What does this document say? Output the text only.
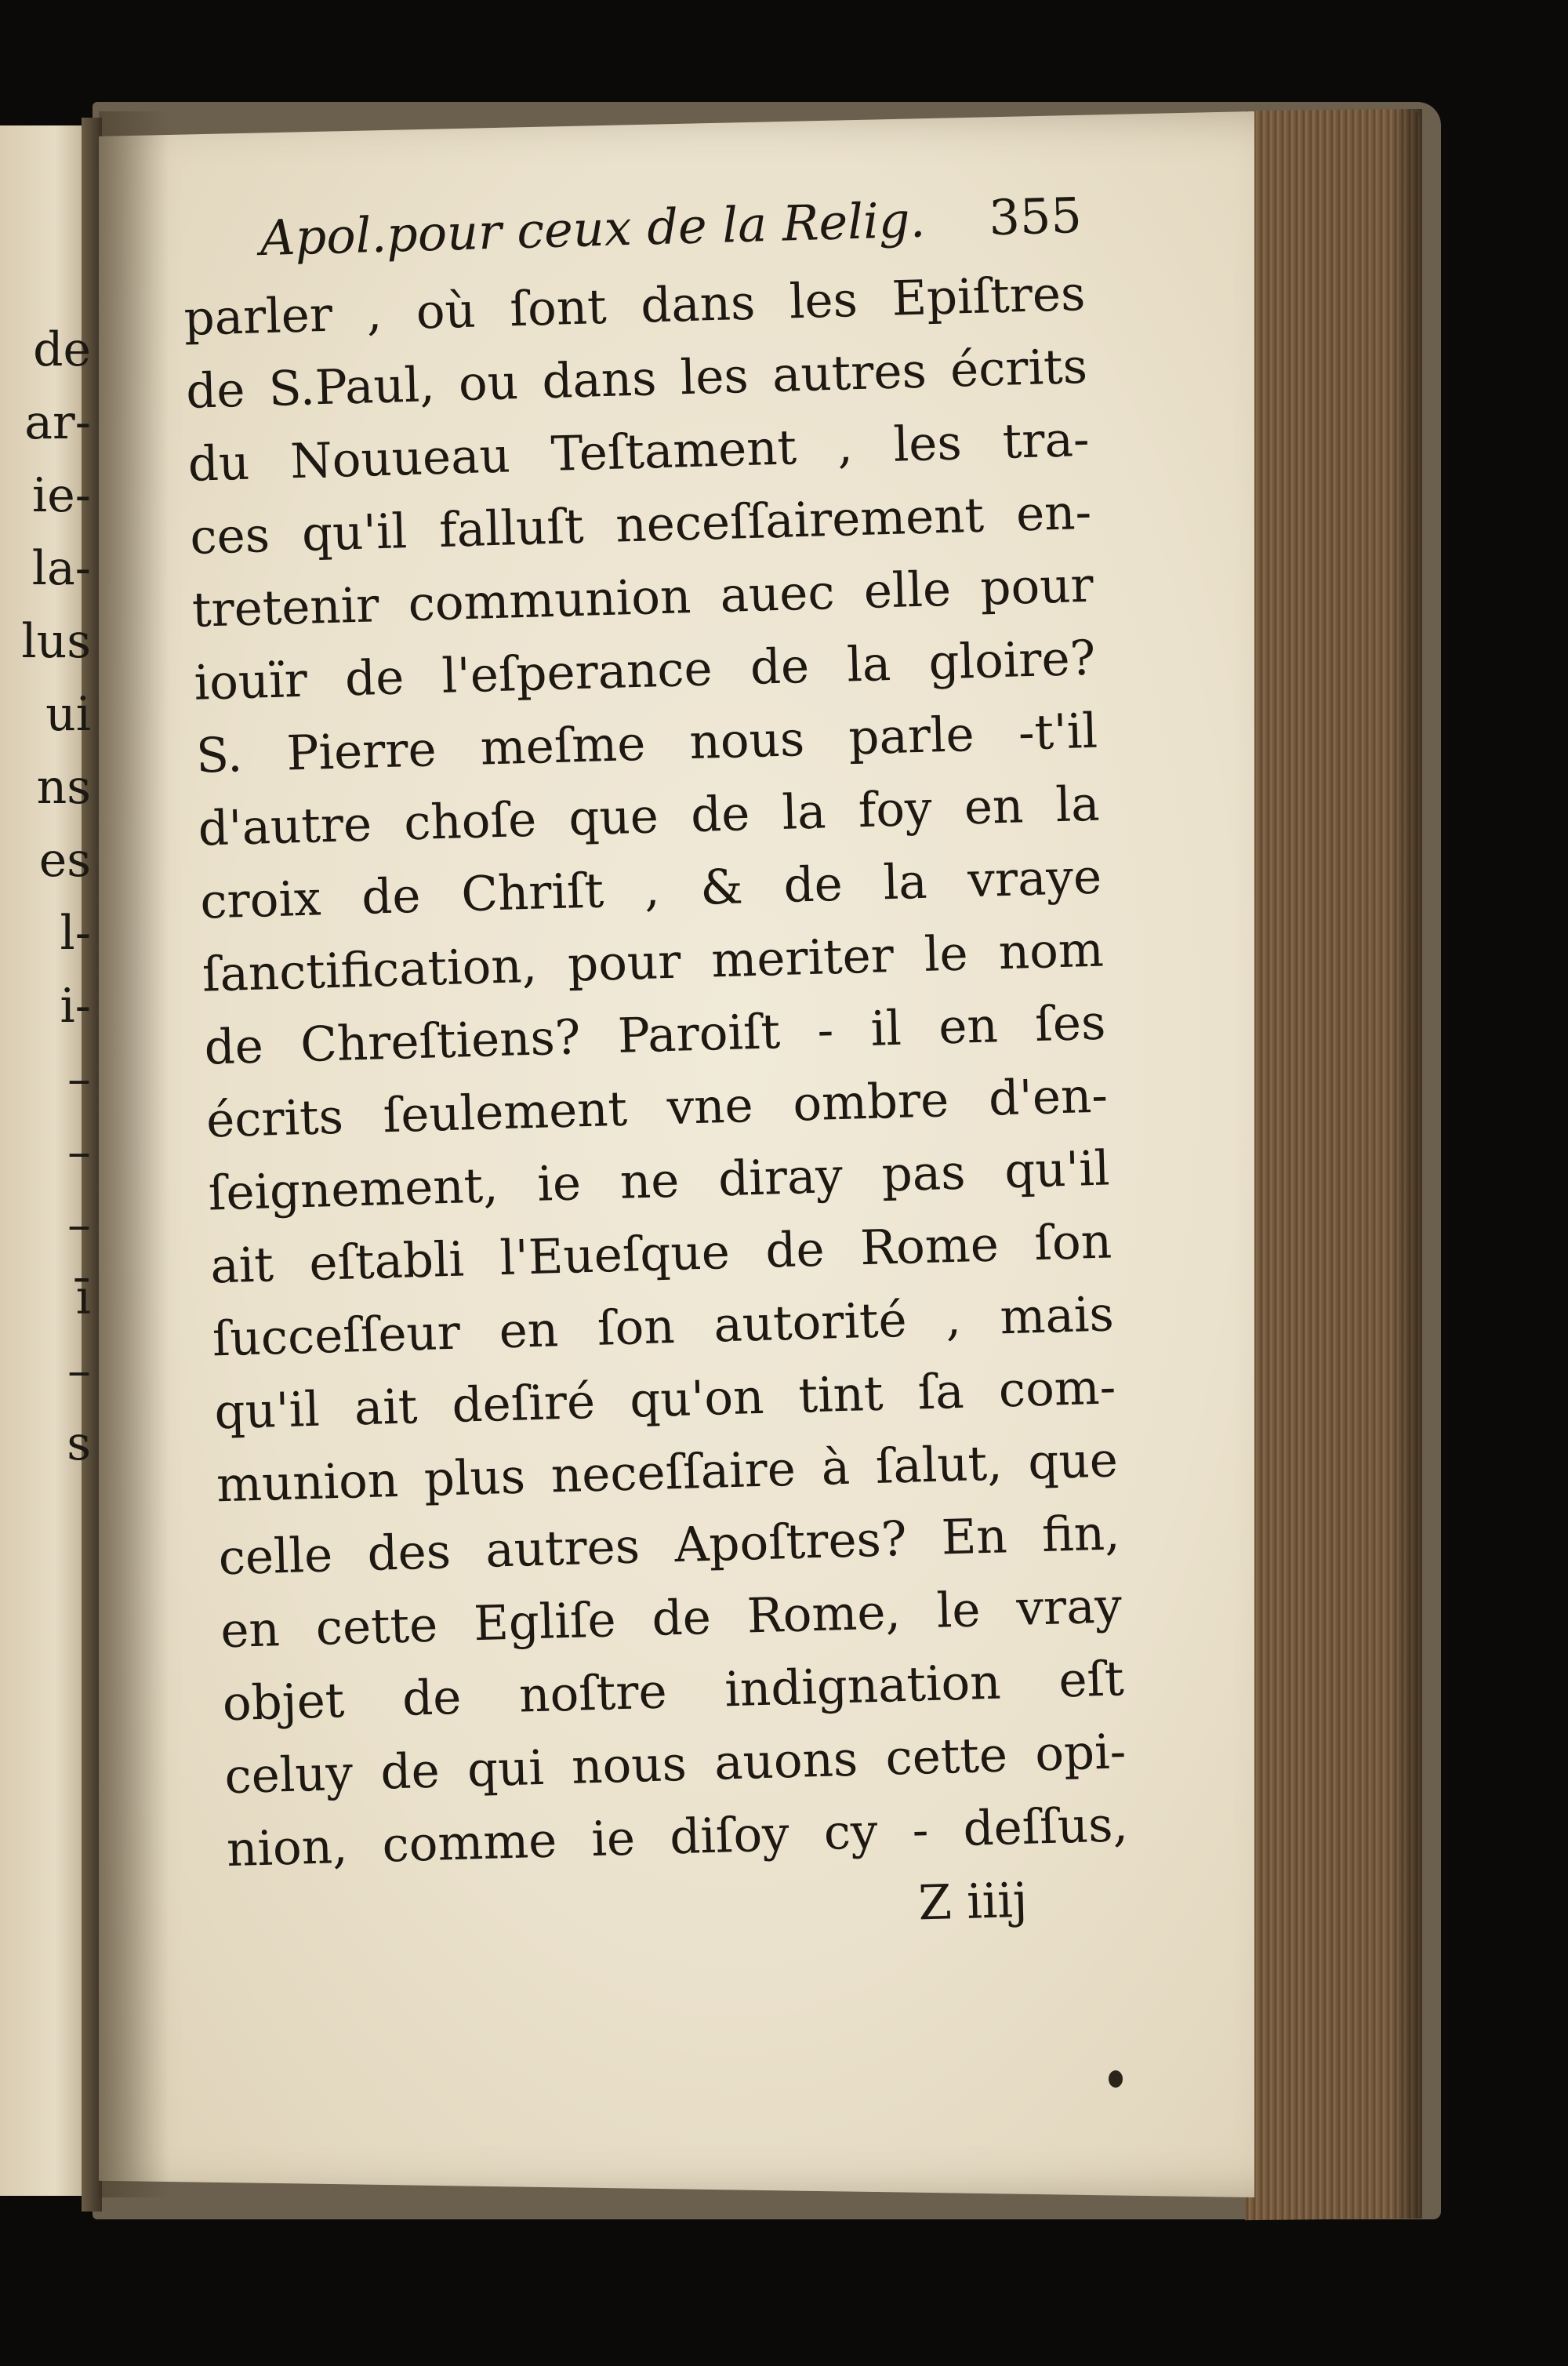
de
ar-
ie-
la-
lus
ui
ns
es
l-
i-
–
–
–
ī
–
s
Apol.pour ceux de la Relig. 355
parler , où ſont dans les Epiſtres
de S.Paul, ou dans les autres écrits
du Nouueau Teſtament , les tra-
ces qu'il falluſt neceſſairement en-
tretenir communion auec elle pour
iouïr de l'eſperance de la gloire?
S. Pierre meſme nous parle -t'il
d'autre choſe que de la foy en la
croix de Chriſt , & de la vraye
ſanctification, pour meriter le nom
de Chreſtiens? Paroiſt - il en ſes
écrits ſeulement vne ombre d'en-
ſeignement, ie ne diray pas qu'il
ait eſtabli l'Eueſque de Rome ſon
ſucceſſeur en ſon autorité , mais
qu'il ait deſiré qu'on tint ſa com-
munion plus neceſſaire à ſalut, que
celle des autres Apoſtres? En fin,
en cette Egliſe de Rome, le vray
objet de noſtre indignation eſt
celuy de qui nous auons cette opi-
nion, comme ie diſoy cy - deſſus,
Z iiij
